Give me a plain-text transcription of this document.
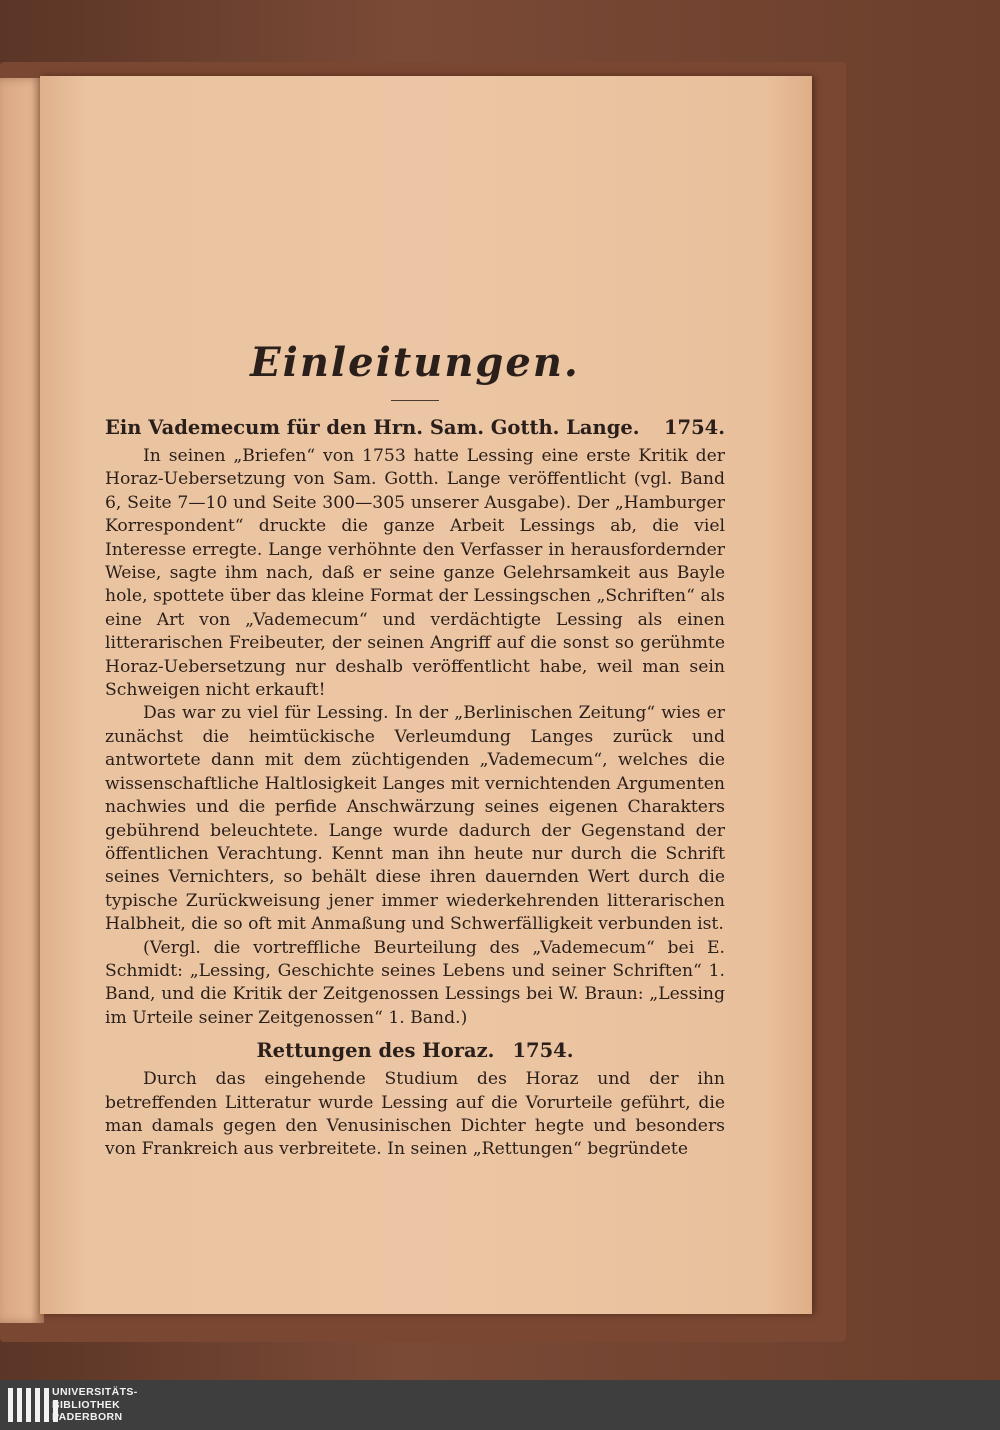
Einleitungen.
Ein Vademecum für den Hrn. Sam. Gotth. Lange. 1754.

In seinen „Briefen“ von 1753 hatte Lessing eine erste Kritik der Horaz-Uebersetzung von Sam. Gotth. Lange veröffentlicht (vgl. Band 6, Seite 7—10 und Seite 300—305 unserer Ausgabe). Der „Hamburger Korrespondent“ druckte die ganze Arbeit Lessings ab, die viel Interesse erregte. Lange verhöhnte den Verfasser in herausfordernder Weise, sagte ihm nach, daß er seine ganze Gelehrsamkeit aus Bayle hole, spottete über das kleine Format der Lessingschen „Schriften“ als eine Art von „Vademecum“ und verdächtigte Lessing als einen litterarischen Freibeuter, der seinen Angriff auf die sonst so gerühmte Horaz-Uebersetzung nur deshalb veröffentlicht habe, weil man sein Schweigen nicht erkauft!

Das war zu viel für Lessing. In der „Berlinischen Zeitung“ wies er zunächst die heimtückische Verleumdung Langes zurück und antwortete dann mit dem züchtigenden „Vademecum“, welches die wissenschaftliche Haltlosigkeit Langes mit vernichtenden Argumenten nachwies und die perfide Anschwärzung seines eigenen Charakters gebührend beleuchtete. Lange wurde dadurch der Gegenstand der öffentlichen Verachtung. Kennt man ihn heute nur durch die Schrift seines Vernichters, so behält diese ihren dauernden Wert durch die typische Zurückweisung jener immer wiederkehrenden litterarischen Halbheit, die so oft mit Anmaßung und Schwerfälligkeit verbunden ist.

(Vergl. die vortreffliche Beurteilung des „Vademecum“ bei E. Schmidt: „Lessing, Geschichte seines Lebens und seiner Schriften“ 1. Band, und die Kritik der Zeitgenossen Lessings bei W. Braun: „Lessing im Urteile seiner Zeitgenossen“ 1. Band.)

Rettungen des Horaz. 1754.

Durch das eingehende Studium des Horaz und der ihn betreffenden Litteratur wurde Lessing auf die Vorurteile geführt, die man damals gegen den Venusinischen Dichter hegte und besonders von Frankreich aus verbreitete. In seinen „Rettungen“ begründete

UNIVERSITÄTS-
BIBLIOTHEK
PADERBORN
